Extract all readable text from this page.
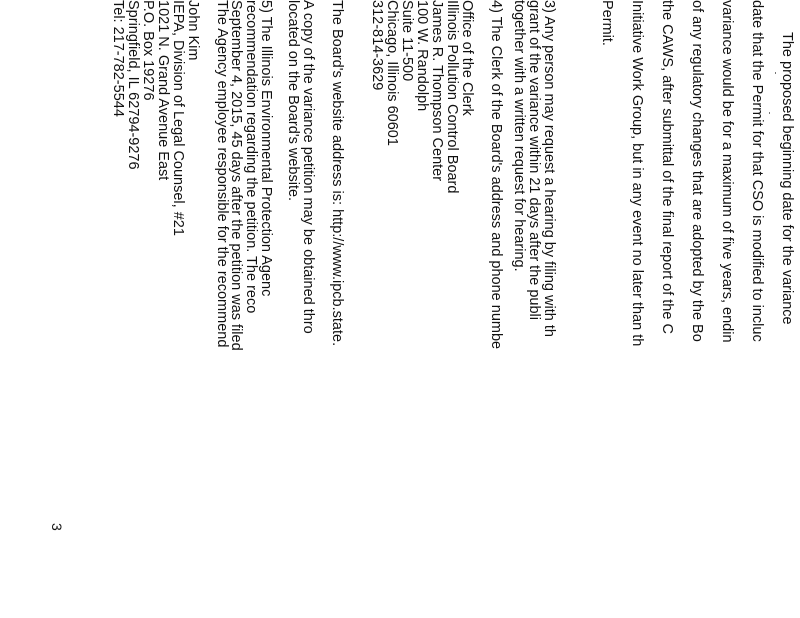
The proposed beginning date for the variance
date that the Permit for that CSO is modified to incluc
variance would be for a maximum of five years, endin
of any regulatory changes that are adopted by the Bo
the CAWS, after submittal of the final report of the C
Initiative Work Group, but in any event no later than th
Permit.
3) Any person may request a hearing by filing with th
grant of the variance within 21 days after the publi
together with a written request for hearing.
4) The Clerk of the Board's address and phone numbe
Office of the Clerk
Illinois Pollution Control Board
James R. Thompson Center
100 W. Randolph
Suite 11-500
Chicago, Illinois 60601
312-814-3629
The Board's website address is: http://www.ipcb.state.
A copy of the variance petition may be obtained thro
located on the Board's website.
5) The Illinois Environmental Protection Agenc
recommendation regarding the petition. The reco
September 4, 2015, 45 days after the petition was filed
The Agency employee responsible for the recommend
John Kim
IEPA, Division of Legal Counsel, #21
1021 N. Grand Avenue East
P.O. Box 19276
Springfield, IL 62794-9276
Tel: 217-782-5544
3
